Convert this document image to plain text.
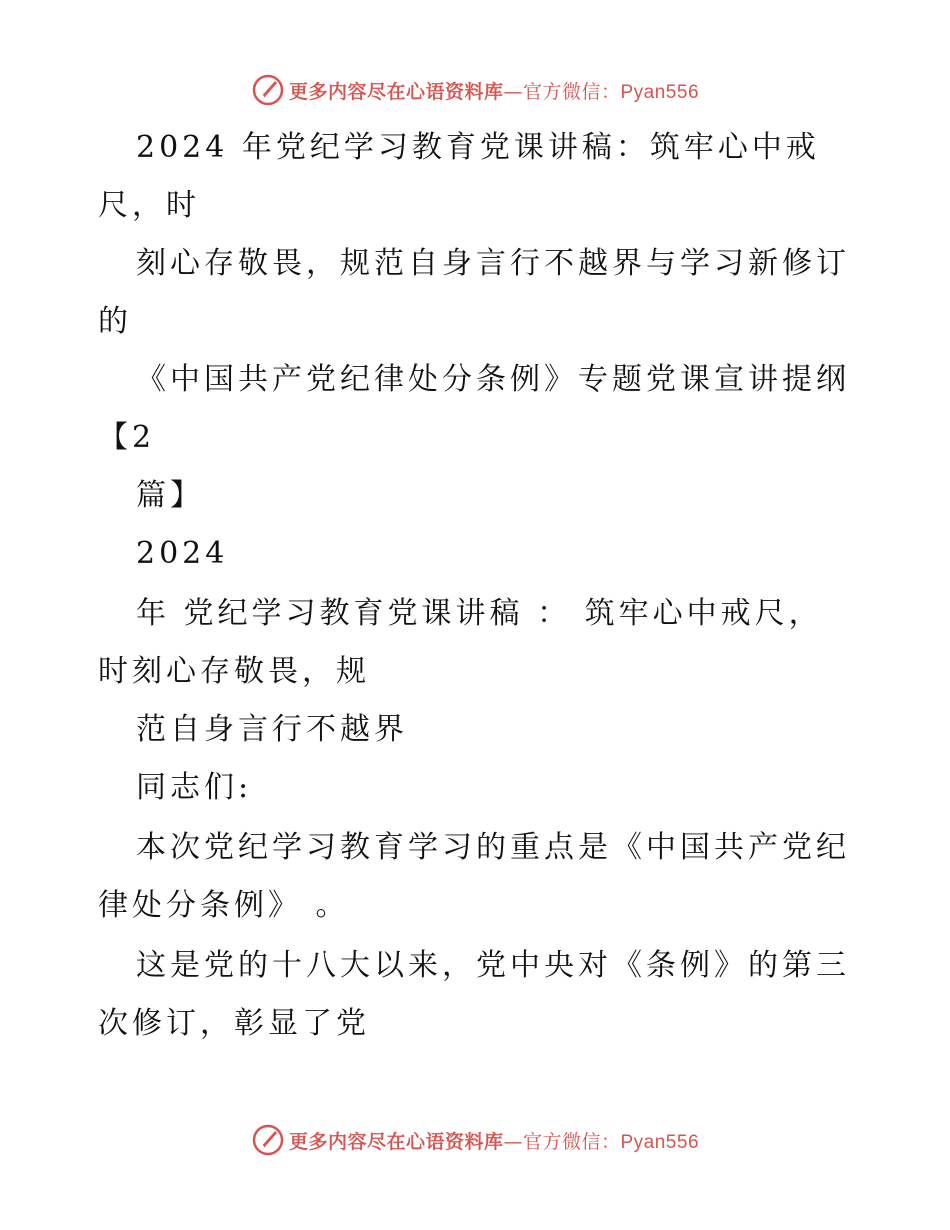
更多内容尽在心语资料库—官方微信：Pyan556
2024 年党纪学习教育党课讲稿：筑牢心中戒
尺，时
刻心存敬畏，规范自身言行不越界与学习新修订
的
《中国共产党纪律处分条例》专题党课宣讲提纲
【2
篇】
2024
年 党纪学习教育党课讲稿 ： 筑牢心中戒尺，
时刻心存敬畏，规
范自身言行不越界
同志们:
本次党纪学习教育学习的重点是《中国共产党纪
律处分条例》 。
这是党的十八大以来，党中央对《条例》的第三
次修订，彰显了党
更多内容尽在心语资料库—官方微信：Pyan556
